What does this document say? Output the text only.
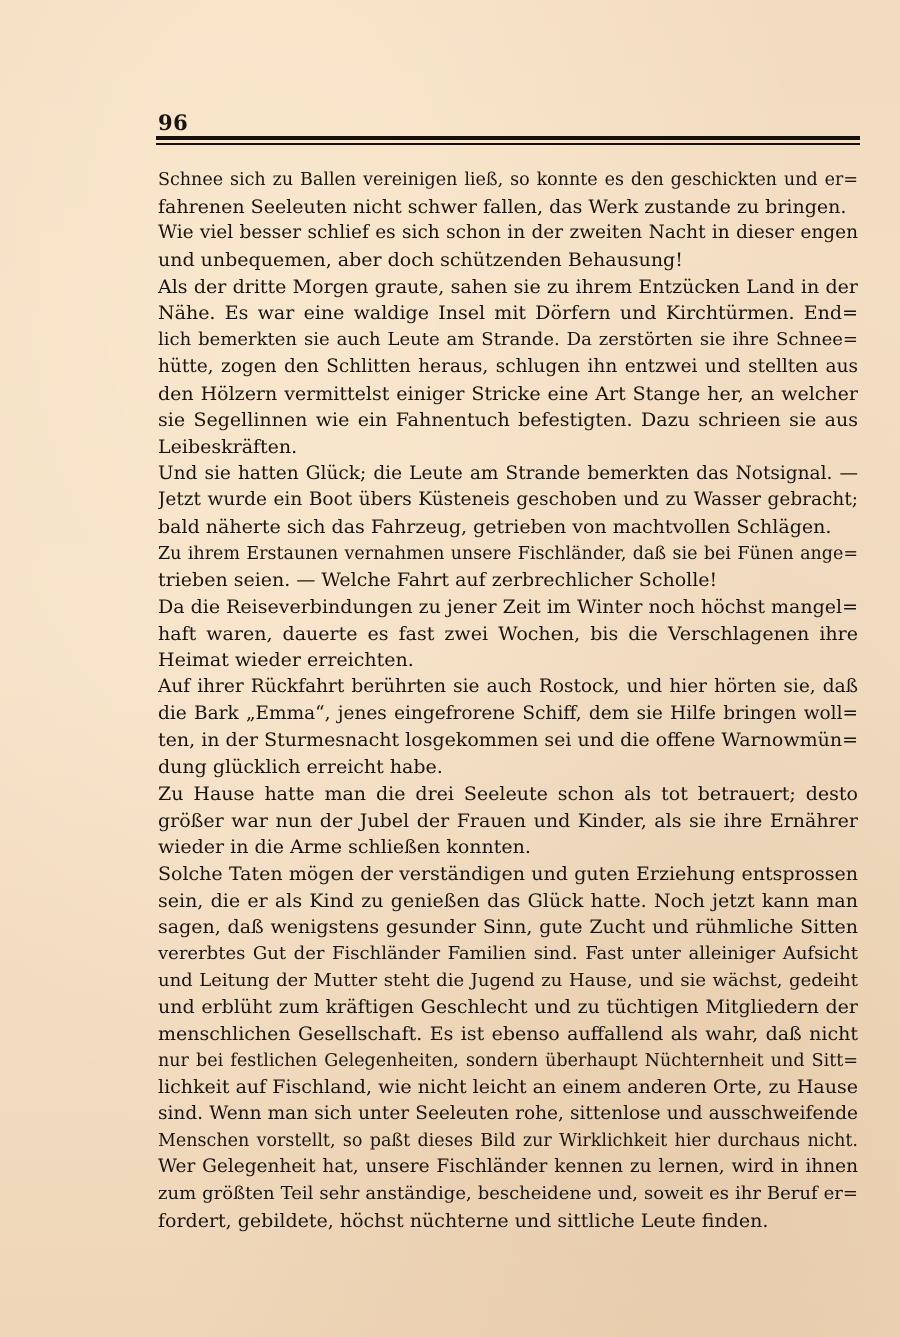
96
Schnee sich zu Ballen vereinigen ließ, so konnte es den geschickten und er=
fahrenen Seeleuten nicht schwer fallen, das Werk zustande zu bringen.
Wie viel besser schlief es sich schon in der zweiten Nacht in dieser engen
und unbequemen, aber doch schützenden Behausung!
Als der dritte Morgen graute, sahen sie zu ihrem Entzücken Land in der
Nähe. Es war eine waldige Insel mit Dörfern und Kirchtürmen. End=
lich bemerkten sie auch Leute am Strande. Da zerstörten sie ihre Schnee=
hütte, zogen den Schlitten heraus, schlugen ihn entzwei und stellten aus
den Hölzern vermittelst einiger Stricke eine Art Stange her, an welcher
sie Segellinnen wie ein Fahnentuch befestigten. Dazu schrieen sie aus
Leibeskräften.
Und sie hatten Glück; die Leute am Strande bemerkten das Notsignal. —
Jetzt wurde ein Boot übers Küsteneis geschoben und zu Wasser gebracht;
bald näherte sich das Fahrzeug, getrieben von machtvollen Schlägen.
Zu ihrem Erstaunen vernahmen unsere Fischländer, daß sie bei Fünen ange=
trieben seien. — Welche Fahrt auf zerbrechlicher Scholle!
Da die Reiseverbindungen zu jener Zeit im Winter noch höchst mangel=
haft waren, dauerte es fast zwei Wochen, bis die Verschlagenen ihre
Heimat wieder erreichten.
Auf ihrer Rückfahrt berührten sie auch Rostock, und hier hörten sie, daß
die Bark „Emma“, jenes eingefrorene Schiff, dem sie Hilfe bringen woll=
ten, in der Sturmesnacht losgekommen sei und die offene Warnowmün=
dung glücklich erreicht habe.
Zu Hause hatte man die drei Seeleute schon als tot betrauert; desto
größer war nun der Jubel der Frauen und Kinder, als sie ihre Ernährer
wieder in die Arme schließen konnten.
Solche Taten mögen der verständigen und guten Erziehung entsprossen
sein, die er als Kind zu genießen das Glück hatte. Noch jetzt kann man
sagen, daß wenigstens gesunder Sinn, gute Zucht und rühmliche Sitten
vererbtes Gut der Fischländer Familien sind. Fast unter alleiniger Aufsicht
und Leitung der Mutter steht die Jugend zu Hause, und sie wächst, gedeiht
und erblüht zum kräftigen Geschlecht und zu tüchtigen Mitgliedern der
menschlichen Gesellschaft. Es ist ebenso auffallend als wahr, daß nicht
nur bei festlichen Gelegenheiten, sondern überhaupt Nüchternheit und Sitt=
lichkeit auf Fischland, wie nicht leicht an einem anderen Orte, zu Hause
sind. Wenn man sich unter Seeleuten rohe, sittenlose und ausschweifende
Menschen vorstellt, so paßt dieses Bild zur Wirklichkeit hier durchaus nicht.
Wer Gelegenheit hat, unsere Fischländer kennen zu lernen, wird in ihnen
zum größten Teil sehr anständige, bescheidene und, soweit es ihr Beruf er=
fordert, gebildete, höchst nüchterne und sittliche Leute finden.
